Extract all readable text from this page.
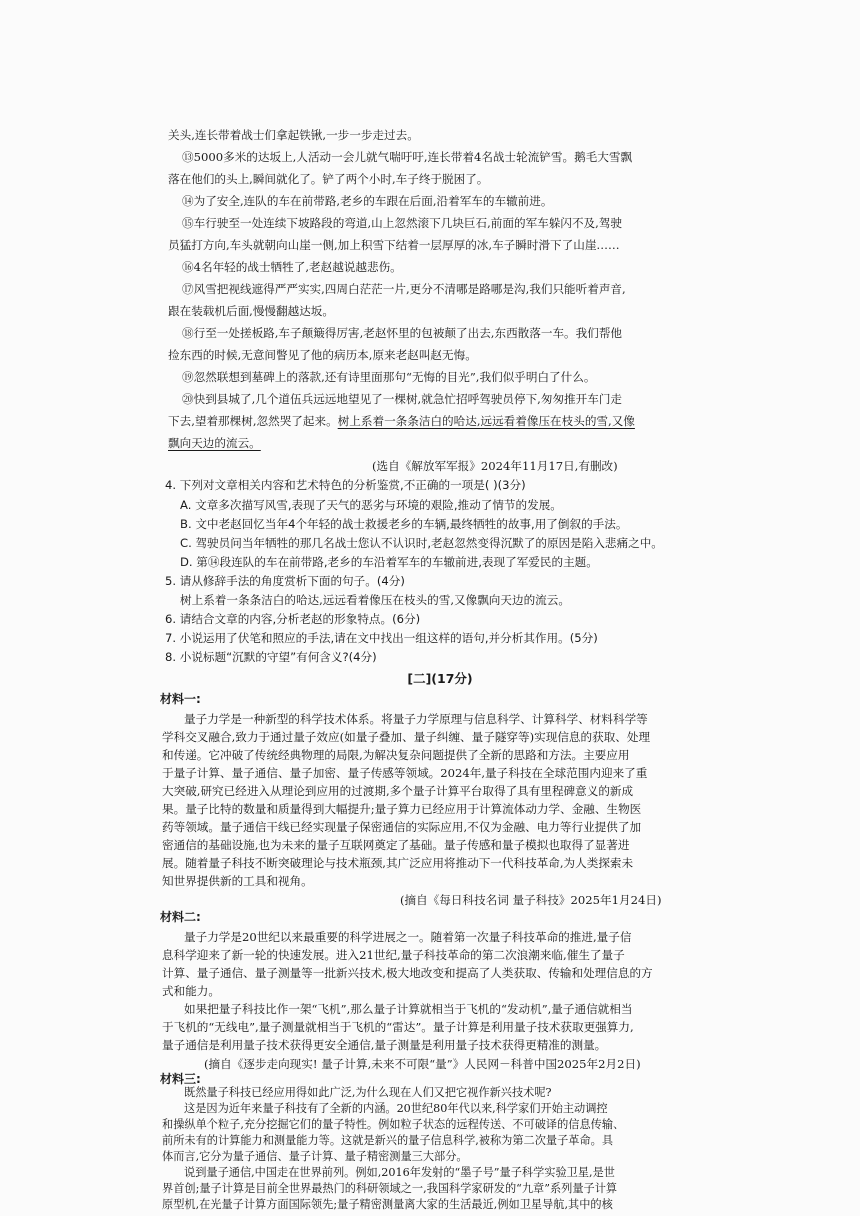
关头,连长带着战士们拿起铁锹,一步一步走过去。
⑬5000多米的达坂上,人活动一会儿就气喘吁吁,连长带着4名战士轮流铲雪。鹅毛大雪飘
落在他们的头上,瞬间就化了。铲了两个小时,车子终于脱困了。
⑭为了安全,连队的车在前带路,老乡的车跟在后面,沿着军车的车辙前进。
⑮车行驶至一处连续下坡路段的弯道,山上忽然滚下几块巨石,前面的军车躲闪不及,驾驶
员猛打方向,车头就朝向山崖一侧,加上积雪下结着一层厚厚的冰,车子瞬时滑下了山崖……
⑯4名年轻的战士牺牲了,老赵越说越悲伤。
⑰风雪把视线遮得严严实实,四周白茫茫一片,更分不清哪是路哪是沟,我们只能听着声音,
跟在装载机后面,慢慢翻越达坂。
⑱行至一处搓板路,车子颠簸得厉害,老赵怀里的包被颠了出去,东西散落一车。我们帮他
捡东西的时候,无意间瞥见了他的病历本,原来老赵叫赵无悔。
⑲忽然联想到墓碑上的落款,还有诗里面那句“无悔的目光”,我们似乎明白了什么。
⑳快到县城了,几个道伍兵远远地望见了一棵树,就急忙招呼驾驶员停下,匆匆推开车门走
下去,望着那棵树,忽然哭了起来。树上系着一条条洁白的哈达,远远看着像压在枝头的雪,又像
飘向天边的流云。
(选自《解放军军报》2024年11月17日,有删改)
4. 下列对文章相关内容和艺术特色的分析鉴赏,不正确的一项是( )(3分)
A. 文章多次描写风雪,表现了天气的恶劣与环境的艰险,推动了情节的发展。
B. 文中老赵回忆当年4个年轻的战士救援老乡的车辆,最终牺牲的故事,用了倒叙的手法。
C. 驾驶员问当年牺牲的那几名战士您认不认识时,老赵忽然变得沉默了的原因是陷入悲痛之中。
D. 第⑭段连队的车在前带路,老乡的车沿着军车的车辙前进,表现了军爱民的主题。
5. 请从修辞手法的角度赏析下面的句子。(4分)
树上系着一条条洁白的哈达,远远看着像压在枝头的雪,又像飘向天边的流云。
6. 请结合文章的内容,分析老赵的形象特点。(6分)
7. 小说运用了伏笔和照应的手法,请在文中找出一组这样的语句,并分析其作用。(5分)
8. 小说标题“沉默的守望”有何含义?(4分)
[二](17分)
材料一:
量子力学是一种新型的科学技术体系。将量子力学原理与信息科学、计算科学、材料科学等
学科交叉融合,致力于通过量子效应(如量子叠加、量子纠缠、量子隧穿等)实现信息的获取、处理
和传递。它冲破了传统经典物理的局限,为解决复杂问题提供了全新的思路和方法。主要应用
于量子计算、量子通信、量子加密、量子传感等领域。2024年,量子科技在全球范围内迎来了重
大突破,研究已经进入从理论到应用的过渡期,多个量子计算平台取得了具有里程碑意义的新成
果。量子比特的数量和质量得到大幅提升;量子算力已经应用于计算流体动力学、金融、生物医
药等领域。量子通信干线已经实现量子保密通信的实际应用,不仅为金融、电力等行业提供了加
密通信的基础设施,也为未来的量子互联网奠定了基础。量子传感和量子模拟也取得了显著进
展。随着量子科技不断突破理论与技术瓶颈,其广泛应用将推动下一代科技革命,为人类探索未
知世界提供新的工具和视角。
(摘自《每日科技名词 量子科技》2025年1月24日)
材料二:
量子力学是20世纪以来最重要的科学进展之一。随着第一次量子科技革命的推进,量子信
息科学迎来了新一轮的快速发展。进入21世纪,量子科技革命的第二次浪潮来临,催生了量子
计算、量子通信、量子测量等一批新兴技术,极大地改变和提高了人类获取、传输和处理信息的方
式和能力。
如果把量子科技比作一架“飞机”,那么量子计算就相当于飞机的“发动机”,量子通信就相当
于飞机的“无线电”,量子测量就相当于飞机的“雷达”。量子计算是利用量子技术获取更强算力,
量子通信是利用量子技术获得更安全通信,量子测量是利用量子技术获得更精准的测量。
(摘自《逐步走向现实! 量子计算,未来不可限“量”》人民网－科普中国2025年2月2日)
材料三:
既然量子科技已经应用得如此广泛,为什么现在人们又把它视作新兴技术呢?
这是因为近年来量子科技有了全新的内涵。20世纪80年代以来,科学家们开始主动调控
和操纵单个粒子,充分挖掘它们的量子特性。例如粒子状态的远程传送、不可破译的信息传输、
前所未有的计算能力和测量能力等。这就是新兴的量子信息科学,被称为第二次量子革命。具
体而言,它分为量子通信、量子计算、量子精密测量三大部分。
说到量子通信,中国走在世界前列。例如,2016年发射的“墨子号”量子科学实验卫星,是世
界首创;量子计算是目前全世界最热门的科研领域之一,我国科学家研发的“九章”系列量子计算
原型机,在光量子计算方面国际领先;量子精密测量离大家的生活最近,例如卫星导航,其中的核
